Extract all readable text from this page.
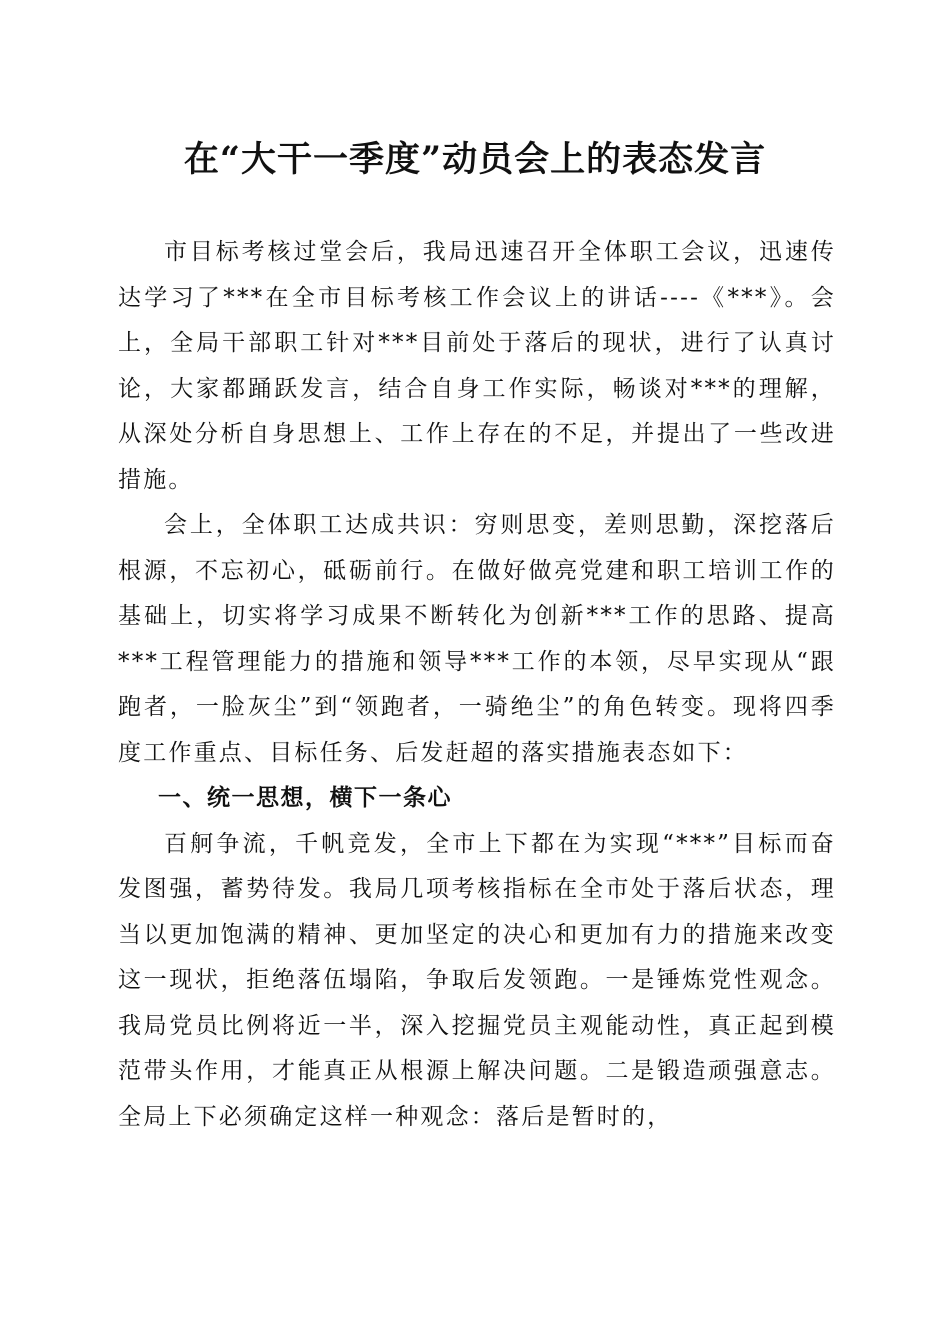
在“大干一季度”动员会上的表态发言

市目标考核过堂会后，我局迅速召开全体职工会议，迅速传达学习了***在全市目标考核工作会议上的讲话----《***》。会上，全局干部职工针对***目前处于落后的现状，进行了认真讨论，大家都踊跃发言，结合自身工作实际，畅谈对***的理解，从深处分析自身思想上、工作上存在的不足，并提出了一些改进措施。

会上，全体职工达成共识：穷则思变，差则思勤，深挖落后根源，不忘初心，砥砺前行。在做好做亮党建和职工培训工作的基础上，切实将学习成果不断转化为创新***工作的思路、提高***工程管理能力的措施和领导***工作的本领，尽早实现从“跟跑者，一脸灰尘”到“领跑者，一骑绝尘”的角色转变。现将四季度工作重点、目标任务、后发赶超的落实措施表态如下：

一、统一思想，横下一条心

百舸争流，千帆竞发，全市上下都在为实现“***”目标而奋发图强，蓄势待发。我局几项考核指标在全市处于落后状态，理当以更加饱满的精神、更加坚定的决心和更加有力的措施来改变这一现状，拒绝落伍塌陷，争取后发领跑。一是锤炼党性观念。我局党员比例将近一半，深入挖掘党员主观能动性，真正起到模范带头作用，才能真正从根源上解决问题。二是锻造顽强意志。全局上下必须确定这样一种观念：落后是暂时的，
